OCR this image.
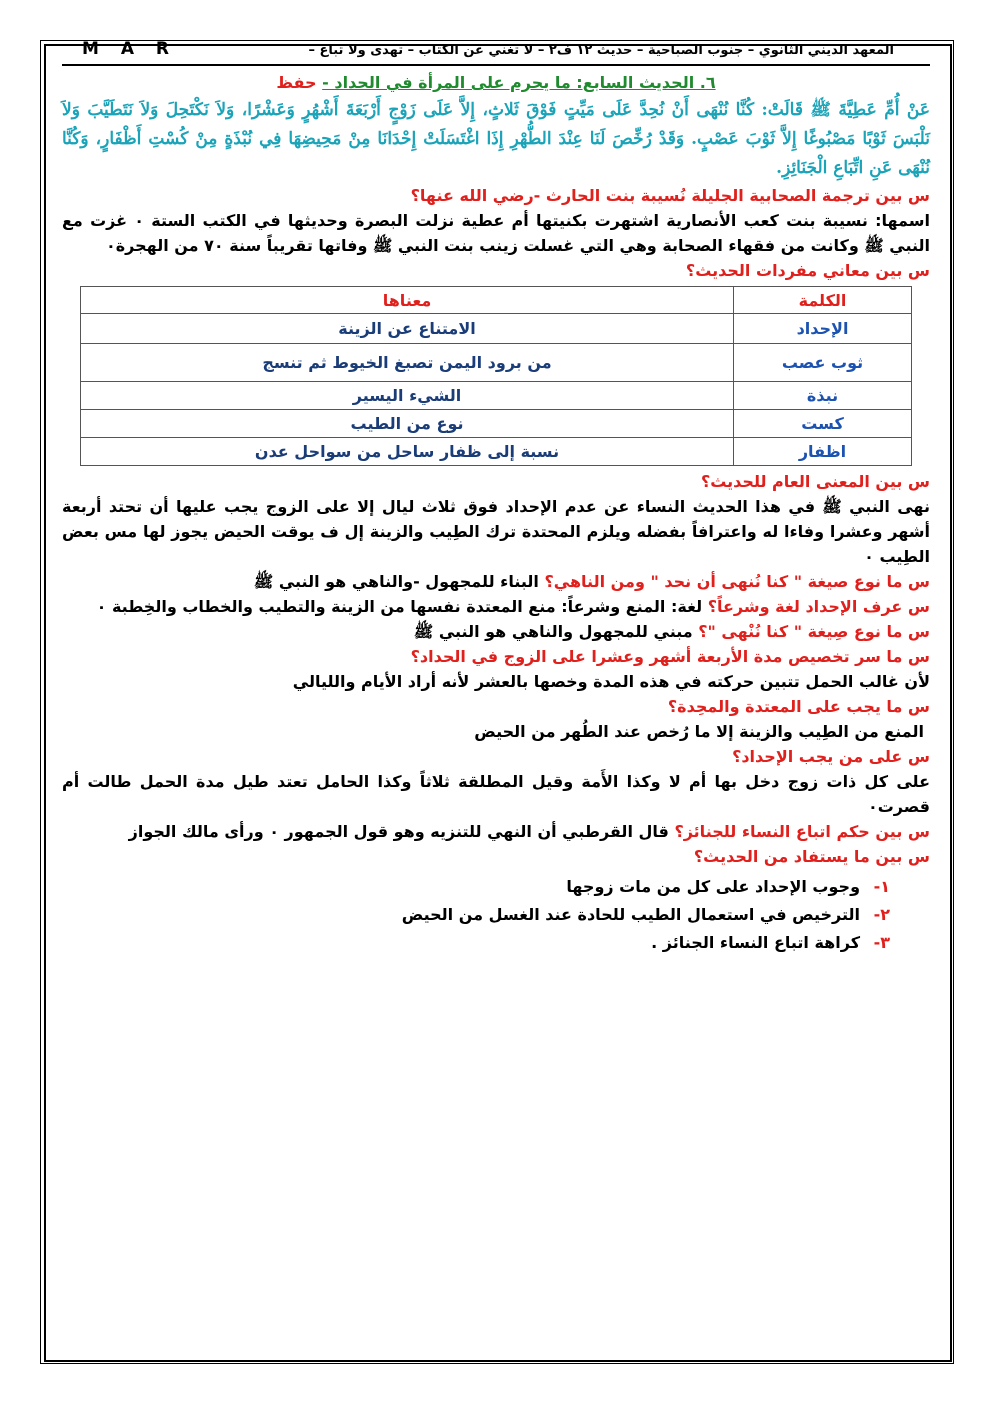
المعهد الديني الثانوي – جنوب الصباحية – حديث ١٢ ف٢ – لا تغني عن الكتاب – تهدى ولا تباع –
M A R
٦. الحديث السابع: ما يحرم على المرأة في الحداد - حفظ
عَنْ أُمِّ عَطِيَّةَ ﷺ قَالَتْ: كُنَّا نُنْهَى أَنْ نُحِدَّ عَلَى مَيِّتٍ فَوْقَ ثَلاثٍ، إِلاَّ عَلَى زَوْجٍ أَرْبَعَةَ أَشْهُرٍ وَعَشْرًا، وَلاَ نَكْتَحِلَ وَلاَ نَتَطَيَّبَ وَلاَ نَلْبَسَ ثَوْبًا مَصْبُوغًا إِلاَّ ثَوْبَ عَصْبٍ. وَقَدْ رُخِّصَ لَنَا عِنْدَ الطُّهْرِ إِذَا اغْتَسَلَتْ إِحْدَانَا مِنْ مَحِيضِهَا فِي نُبْذَةٍ مِنْ كُسْتِ أَظْفَارٍ، وَكُنَّا نُنْهَى عَنِ اتِّبَاعِ الْجَنَائِزِ.
س بين ترجمة الصحابية الجليلة نُسيبة بنت الحارث -رضي الله عنها؟
اسمها: نسيبة بنت كعب الأنصارية اشتهرت بكنيتها أم عطية نزلت البصرة وحديثها في الكتب الستة ٠ غزت مع النبي ﷺ وكانت من فقهاء الصحابة وهي التي غسلت زينب بنت النبي ﷺ وفاتها تقريباً سنة ٧٠ من الهجرة٠
س بين معاني مفردات الحديث؟
الكلمة	معناها
الإحداد	الامتناع عن الزينة
ثوب عصب	من برود اليمن تصبغ الخيوط ثم تنسج
نبذة	الشيء اليسير
كست	نوع من الطيب
اظفار	نسبة إلى ظفار ساحل من سواحل عدن
س بين المعنى العام للحديث؟
نهى النبي ﷺ في هذا الحديث النساء عن عدم الإحداد فوق ثلاث ليال إلا على الزوج يجب عليها أن تحتد أربعة أشهر وعشرا وفاءا له واعترافاً بفضله ويلزم المحتدة ترك الطِيب والزينة إل ف يوقت الحيض يجوز لها مس بعض الطِيب ٠
س ما نوع صيغة " كنا نُنهى أن نحد " ومن الناهي؟ البناء للمجهول -والناهي هو النبي ﷺ
س عرف الإحداد لغة وشرعاً؟ لغة: المنع وشرعاً: منع المعتدة نفسها من الزينة والتطيب والخطاب والخِطبة ٠
س ما نوع صِيغة " كنا نُنْهى "؟ مبني للمجهول والناهي هو النبي ﷺ
س ما سر تخصيص مدة الأربعة أشهر وعشرا على الزوج في الحداد؟
لأن غالب الحمل تتبين حركته في هذه المدة وخصها بالعشر لأنه أراد الأيام والليالي
س ما يجب على المعتدة والمحِدة؟
المنع من الطِيب والزينة إلا ما رُخص عند الطُهر من الحيض
س على من يجب الإحداد؟
على كل ذات زوج دخل بها أم لا وكذا الأَمة وقيل المطلقة ثلاثاً وكذا الحامل تعتد طيل مدة الحمل طالت أم قصرت٠
س بين حكم اتباع النساء للجنائز؟ قال القرطبي أن النهي للتنزيه وهو قول الجمهور ٠ ورأى مالك الجواز
س بين ما يستفاد من الحديث؟
١- وجوب الإحداد على كل من مات زوجها
٢- الترخيص في استعمال الطيب للحادة عند الغسل من الحيض
٣- كراهة اتباع النساء الجنائز .
